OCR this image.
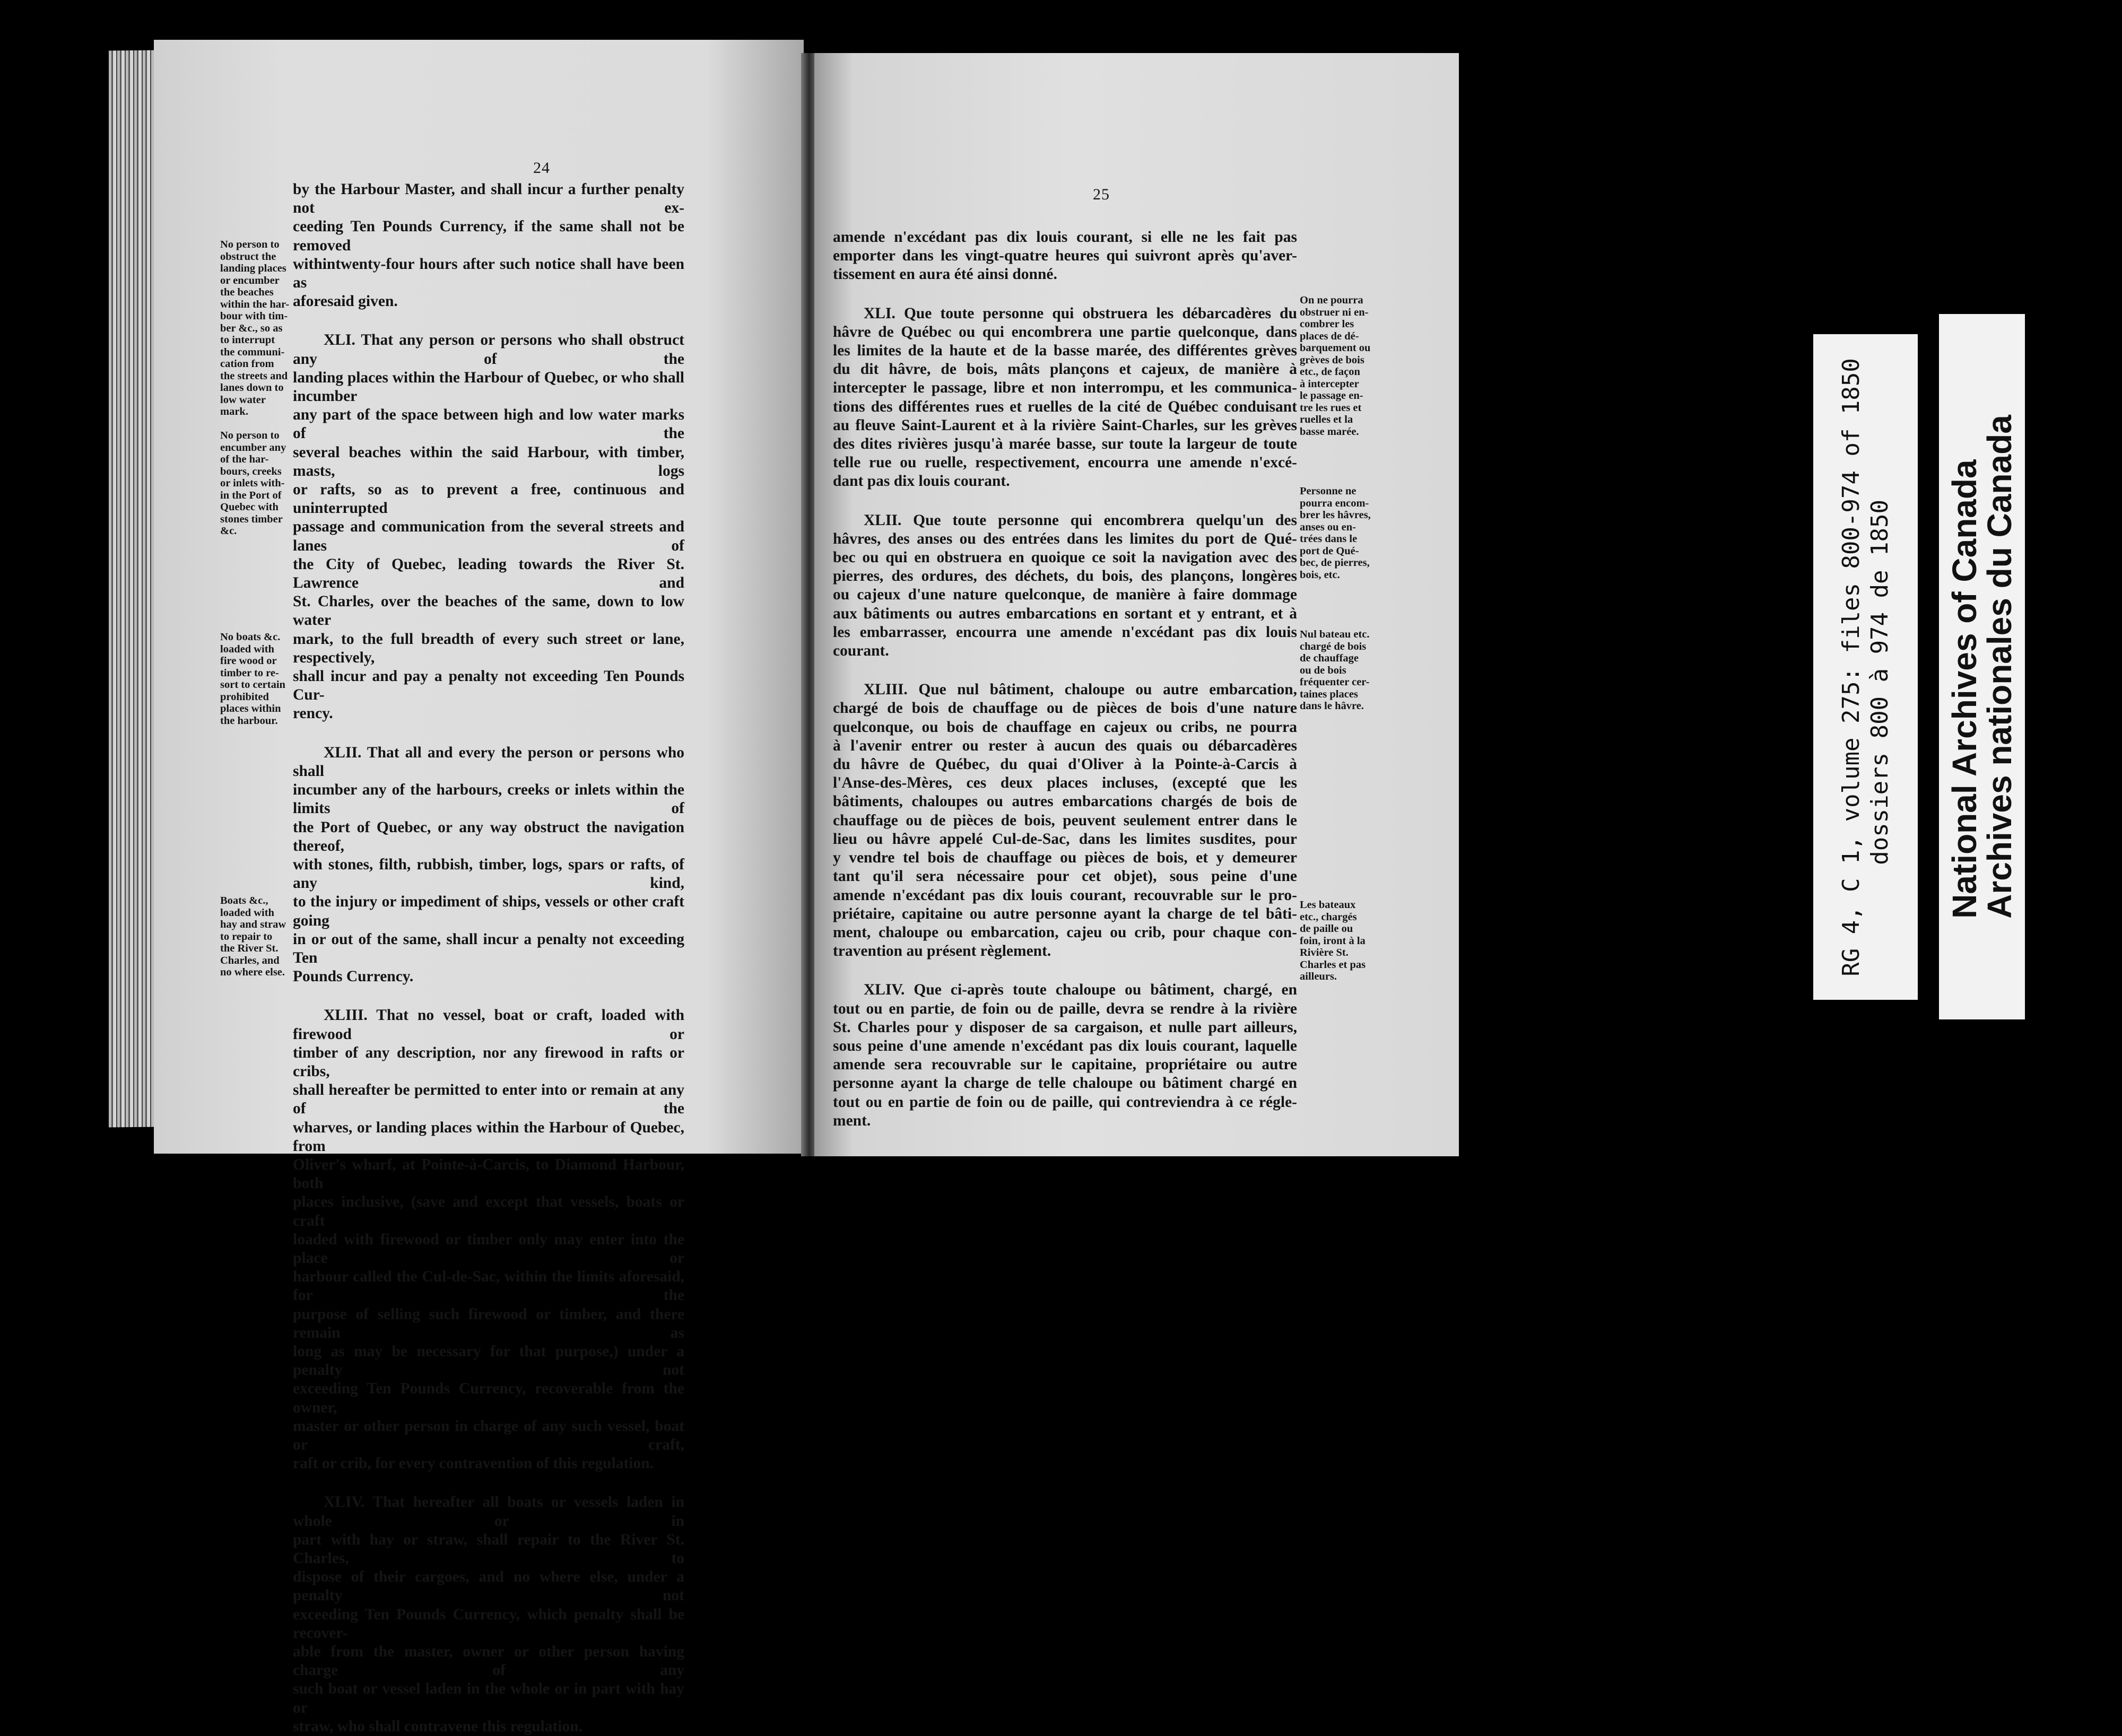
24

by the Harbour Master, and shall incur a further penalty not ex-
ceeding Ten Pounds Currency, if the same shall not be removed
withintwenty-four hours after such notice shall have been as
aforesaid given.

XLI. That any person or persons who shall obstruct any of the
landing places within the Harbour of Quebec, or who shall incumber
any part of the space between high and low water marks of the
several beaches within the said Harbour, with timber, masts, logs
or rafts, so as to prevent a free, continuous and uninterrupted
passage and communication from the several streets and lanes of
the City of Quebec, leading towards the River St. Lawrence and
St. Charles, over the beaches of the same, down to low water
mark, to the full breadth of every such street or lane, respectively,
shall incur and pay a penalty not exceeding Ten Pounds Cur-
rency.

XLII. That all and every the person or persons who shall
incumber any of the harbours, creeks or inlets within the limits of
the Port of Quebec, or any way obstruct the navigation thereof,
with stones, filth, rubbish, timber, logs, spars or rafts, of any kind,
to the injury or impediment of ships, vessels or other craft going
in or out of the same, shall incur a penalty not exceeding Ten
Pounds Currency.

XLIII. That no vessel, boat or craft, loaded with firewood or
timber of any description, nor any firewood in rafts or cribs,
shall hereafter be permitted to enter into or remain at any of the
wharves, or landing places within the Harbour of Quebec, from
Oliver's wharf, at Pointe-à-Carcis, to Diamond Harbour, both
places inclusive, (save and except that vessels, boats or craft
loaded with firewood or timber only may enter into the place or
harbour called the Cul-de-Sac, within the limits aforesaid, for the
purpose of selling such firewood or timber, and there remain as
long as may be necessary for that purpose,) under a penalty not
exceeding Ten Pounds Currency, recoverable from the owner,
master or other person in charge of any such vessel, boat or craft,
raft or crib, for every contravention of this regulation.

XLIV. That hereafter all boats or vessels laden in whole or in
part with hay or straw, shall repair to the River St. Charles, to
dispose of their cargoes, and no where else, under a penalty not
exceeding Ten Pounds Currency, which penalty shall be recover-
able from the master, owner or other person having charge of any
such boat or vessel laden in the whole or in part with hay or
straw, who shall contravene this regulation.

No person to
obstruct the
landing places
or encumber
the beaches
within the har-
bour with tim-
ber &c., so as
to interrupt
the communi-
cation from
the streets and
lanes down to
low water
mark.
No person to
encumber any
of the har-
bours, creeks
or inlets with-
in the Port of
Quebec with
stones timber
&c.
No boats &c.
loaded with
fire wood or
timber to re-
sort to certain
prohibited
places within
the harbour.
Boats &c.,
loaded with
hay and straw
to repair to
the River St.
Charles, and
no where else.
25

amende n'excédant pas dix louis courant, si elle ne les fait pas
emporter dans les vingt-quatre heures qui suivront après qu'aver-
tissement en aura été ainsi donné.

XLI. Que toute personne qui obstruera les débarcadères du
hâvre de Québec ou qui encombrera une partie quelconque, dans
les limites de la haute et de la basse marée, des différentes grèves
du dit hâvre, de bois, mâts plançons et cajeux, de manière à
intercepter le passage, libre et non interrompu, et les communica-
tions des différentes rues et ruelles de la cité de Québec conduisant
au fleuve Saint-Laurent et à la rivière Saint-Charles, sur les grèves
des dites rivières jusqu'à marée basse, sur toute la largeur de toute
telle rue ou ruelle, respectivement, encourra une amende n'excé-
dant pas dix louis courant.

XLII. Que toute personne qui encombrera quelqu'un des
hâvres, des anses ou des entrées dans les limites du port de Qué-
bec ou qui en obstruera en quoique ce soit la navigation avec des
pierres, des ordures, des déchets, du bois, des plançons, longères
ou cajeux d'une nature quelconque, de manière à faire dommage
aux bâtiments ou autres embarcations en sortant et y entrant, et à
les embarrasser, encourra une amende n'excédant pas dix louis
courant.

XLIII. Que nul bâtiment, chaloupe ou autre embarcation,
chargé de bois de chauffage ou de pièces de bois d'une nature
quelconque, ou bois de chauffage en cajeux ou cribs, ne pourra
à l'avenir entrer ou rester à aucun des quais ou débarcadères
du hâvre de Québec, du quai d'Oliver à la Pointe-à-Carcis à
l'Anse-des-Mères, ces deux places incluses, (excepté que les
bâtiments, chaloupes ou autres embarcations chargés de bois de
chauffage ou de pièces de bois, peuvent seulement entrer dans le
lieu ou hâvre appelé Cul-de-Sac, dans les limites susdites, pour
y vendre tel bois de chauffage ou pièces de bois, et y demeurer
tant qu'il sera nécessaire pour cet objet), sous peine d'une
amende n'excédant pas dix louis courant, recouvrable sur le pro-
priétaire, capitaine ou autre personne ayant la charge de tel bâti-
ment, chaloupe ou embarcation, cajeu ou crib, pour chaque con-
travention au présent règlement.

XLIV. Que ci-après toute chaloupe ou bâtiment, chargé, en
tout ou en partie, de foin ou de paille, devra se rendre à la rivière
St. Charles pour y disposer de sa cargaison, et nulle part ailleurs,
sous peine d'une amende n'excédant pas dix louis courant, laquelle
amende sera recouvrable sur le capitaine, propriétaire ou autre
personne ayant la charge de telle chaloupe ou bâtiment chargé en
tout ou en partie de foin ou de paille, qui contreviendra à ce régle-
ment.

On ne pourra
obstruer ni en-
combrer les
places de dé-
barquement ou
grèves de bois
etc., de façon
à intercepter
le passage en-
tre les rues et
ruelles et la
basse marée.
Personne ne
pourra encom-
brer les hâvres,
anses ou en-
trées dans le
port de Qué-
bec, de pierres,
bois, etc.
Nul bateau etc.
chargé de bois
de chauffage
ou de bois
fréquenter cer-
taines places
dans le hâvre.
Les bateaux
etc., chargés
de paille ou
foin, iront à la
Rivière St.
Charles et pas
ailleurs.
RG 4, C 1, volume 275: files 800-974 of 1850 dossiers 800 à 974 de 1850 National Archives of Canada
Archives nationales du Canada
